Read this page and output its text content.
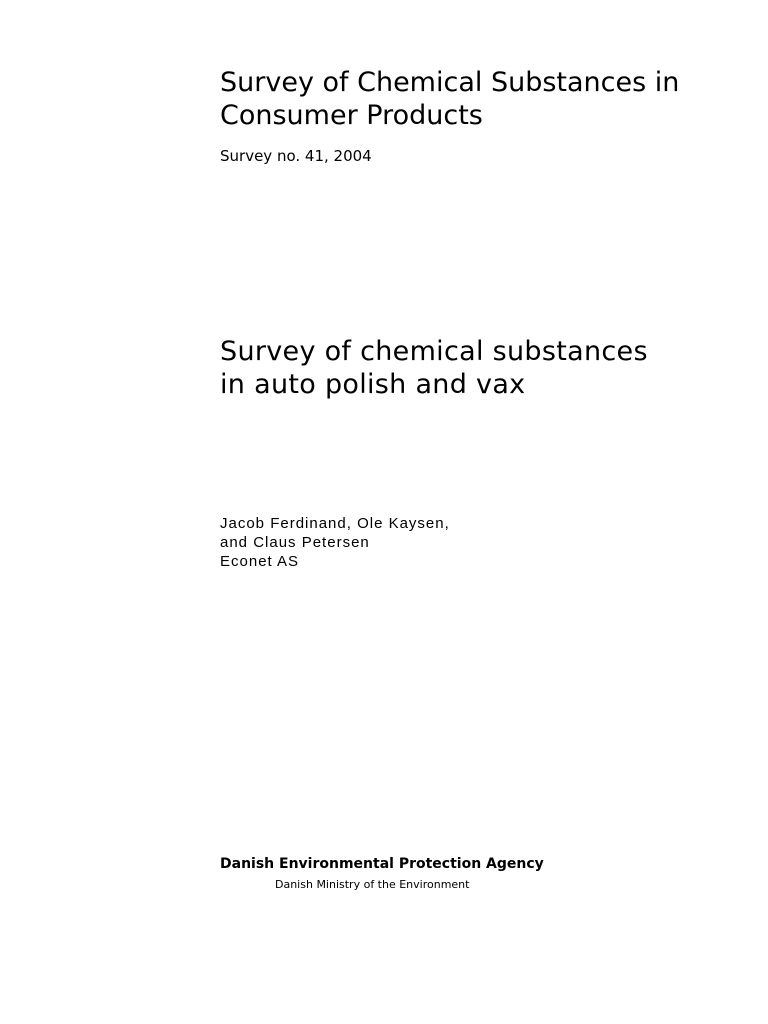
Survey of Chemical Substances in Consumer Products

Survey no. 41, 2004

Survey of chemical substances
in auto polish and vax
Jacob Ferdinand, Ole Kaysen,
and Claus Petersen
Econet AS

Danish Environmental Protection Agency

Danish Ministry of the Environment
